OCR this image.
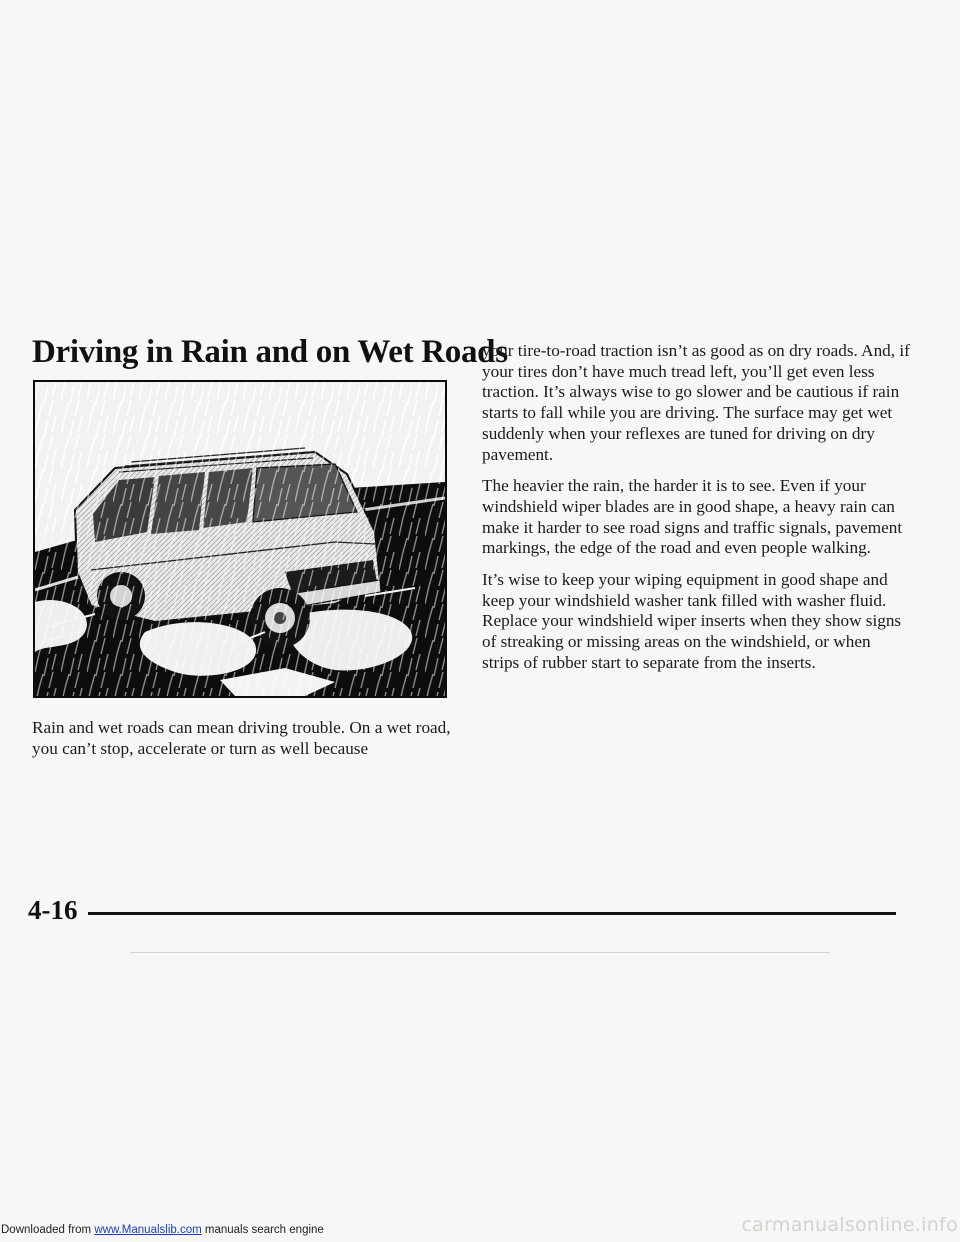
Driving in Rain and on Wet Roads

Rain and wet roads can mean driving trouble. On a wet road, you can’t stop, accelerate or turn as well because

your tire-to-road traction isn’t as good as on dry roads. And, if your tires don’t have much tread left, you’ll get even less traction. It’s always wise to go slower and be cautious if rain starts to fall while you are driving. The surface may get wet suddenly when your reflexes are tuned for driving on dry pavement.

The heavier the rain, the harder it is to see. Even if your windshield wiper blades are in good shape, a heavy rain can make it harder to see road signs and traffic signals, pavement markings, the edge of the road and even people walking.

It’s wise to keep your wiping equipment in good shape and keep your windshield washer tank filled with washer fluid. Replace your windshield wiper inserts when they show signs of streaking or missing areas on the windshield, or when strips of rubber start to separate from the inserts.

4-16
Downloaded from www.Manualslib.com manuals search engine	carmanualsonline.info
